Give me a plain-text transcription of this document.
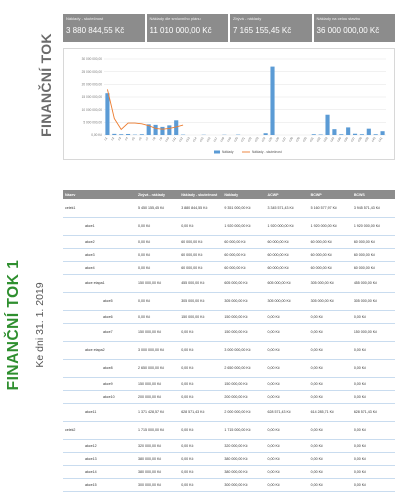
FINANČNÍ TOK 1 Ke dni 31. 1. 2019
FINANČNÍ TOK
Náklady - skutečnost
3 880 844,55 Kč
Náklady dle smluvního plánu
11 010 000,00 Kč
Zbývá - náklady
7 165 155,45 Kč
Náklady na celou stavbu
36 000 000,00 Kč
30 000 000,00
25 000 000,00
20 000 000,00
15 000 000,00
10 000 000,00
5 000 000,00
0,00 Kč
c1 c2 c3 c4 c5 c6 c7 c8 c9 c10 c11 c12 c13 c14 c15 c16 c17 c18 c19 c20 c21 c22 c23 c24 c25 c26 c27 c28 c29 c30 c31 c32 c33 c34 c35 c36 c37 c38 c39 c40 c41
Náklady	Náklady - skutečnost
Název	Zbývá - náklady	Náklady - skutečnost	Náklady	ACWP	BCWP	BCWS
celek1	5 450 155,45 Kč	3 880 844,55 Kč	9 351 000,00 Kč	3 345 571,43 Kč	5 160 577,97 Kč	3 945 571,43 Kč
akce1	0,00 Kč	0,00 Kč	1 920 000,00 Kč	1 920 000,00 Kč	1 920 000,00 Kč	1 920 000,00 Kč
akce2	0,00 Kč	60 000,00 Kč	60 000,00 Kč	60 000,00 Kč	60 000,00 Kč	60 000,00 Kč
akce3	0,00 Kč	60 000,00 Kč	60 000,00 Kč	60 000,00 Kč	60 000,00 Kč	60 000,00 Kč
akce4	0,00 Kč	60 000,00 Kč	60 000,00 Kč	60 000,00 Kč	60 000,00 Kč	60 000,00 Kč
akce etapa1	150 000,00 Kč	455 000,00 Kč	605 000,00 Kč	605 000,00 Kč	305 000,00 Kč	455 000,00 Kč
akce5	0,00 Kč	305 000,00 Kč	305 000,00 Kč	305 000,00 Kč	305 000,00 Kč	305 000,00 Kč
akce6	0,00 Kč	150 000,00 Kč	150 000,00 Kč	0,00 Kč	0,00 Kč	0,00 Kč
akce7	150 000,00 Kč	0,00 Kč	150 000,00 Kč	0,00 Kč	0,00 Kč	150 000,00 Kč
akce etapa2	3 000 000,00 Kč	0,00 Kč	3 000 000,00 Kč	0,00 Kč	0,00 Kč	0,00 Kč
akce8	2 650 000,00 Kč	0,00 Kč	2 650 000,00 Kč	0,00 Kč	0,00 Kč	0,00 Kč
akce9	150 000,00 Kč	0,00 Kč	150 000,00 Kč	0,00 Kč	0,00 Kč	0,00 Kč
akce10	200 000,00 Kč	0,00 Kč	200 000,00 Kč	0,00 Kč	0,00 Kč	0,00 Kč
akce11	1 371 428,57 Kč	628 571,43 Kč	2 000 000,00 Kč	628 571,43 Kč	614 285,71 Kč	628 571,43 Kč
celek2	1 715 000,00 Kč	0,00 Kč	1 715 000,00 Kč	0,00 Kč	0,00 Kč	0,00 Kč
akce12	320 000,00 Kč	0,00 Kč	320 000,00 Kč	0,00 Kč	0,00 Kč	0,00 Kč
akce13	380 000,00 Kč	0,00 Kč	380 000,00 Kč	0,00 Kč	0,00 Kč	0,00 Kč
akce14	380 000,00 Kč	0,00 Kč	380 000,00 Kč	0,00 Kč	0,00 Kč	0,00 Kč
akce15	300 000,00 Kč	0,00 Kč	300 000,00 Kč	0,00 Kč	0,00 Kč	0,00 Kč
